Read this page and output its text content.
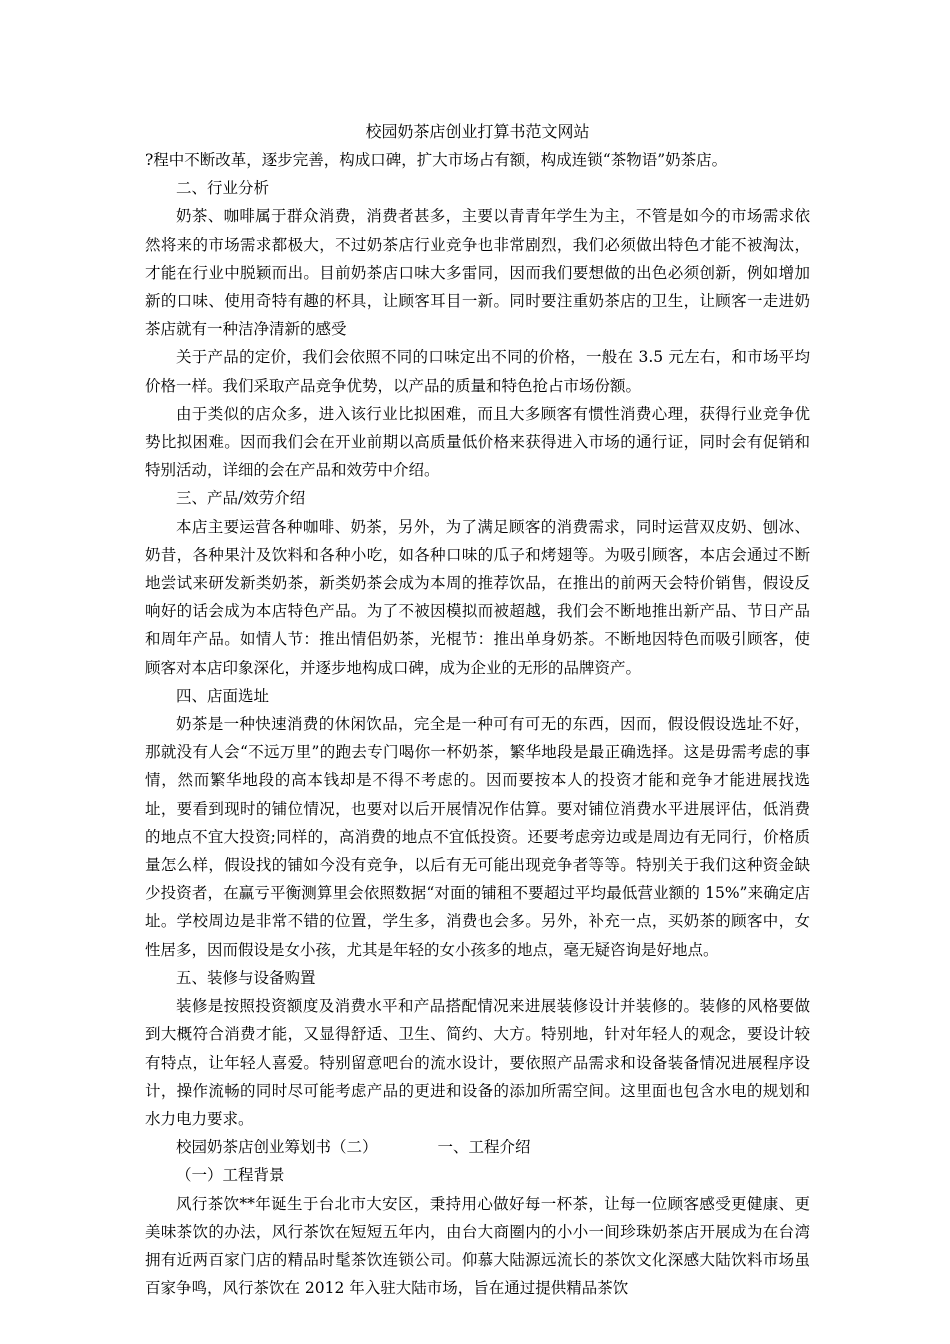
校园奶茶店创业打算书范文网站

?程中不断改革，逐步完善，构成口碑，扩大市场占有额，构成连锁“茶物语”奶茶店。

二、行业分析

奶茶、咖啡属于群众消费，消费者甚多，主要以青青年学生为主，不管是如今的市场需求依然将来的市场需求都极大，不过奶茶店行业竞争也非常剧烈，我们必须做出特色才能不被淘汰，才能在行业中脱颖而出。目前奶茶店口味大多雷同，因而我们要想做的出色必须创新，例如增加新的口味、使用奇特有趣的杯具，让顾客耳目一新。同时要注重奶茶店的卫生，让顾客一走进奶茶店就有一种洁净清新的感受

关于产品的定价，我们会依照不同的口味定出不同的价格，一般在 3.5 元左右，和市场平均价格一样。我们采取产品竞争优势，以产品的质量和特色抢占市场份额。

由于类似的店众多，进入该行业比拟困难，而且大多顾客有惯性消费心理，获得行业竞争优势比拟困难。因而我们会在开业前期以高质量低价格来获得进入市场的通行证，同时会有促销和特别活动，详细的会在产品和效劳中介绍。

三、产品/效劳介绍

本店主要运营各种咖啡、奶茶，另外，为了满足顾客的消费需求，同时运营双皮奶、刨冰、奶昔，各种果汁及饮料和各种小吃，如各种口味的瓜子和烤翅等。为吸引顾客，本店会通过不断地尝试来研发新类奶茶，新类奶茶会成为本周的推荐饮品，在推出的前两天会特价销售，假设反响好的话会成为本店特色产品。为了不被因模拟而被超越，我们会不断地推出新产品、节日产品和周年产品。如情人节：推出情侣奶茶，光棍节：推出单身奶茶。不断地因特色而吸引顾客，使顾客对本店印象深化，并逐步地构成口碑，成为企业的无形的品牌资产。

四、店面选址

奶茶是一种快速消费的休闲饮品，完全是一种可有可无的东西，因而，假设假设选址不好，那就没有人会“不远万里”的跑去专门喝你一杯奶茶，繁华地段是最正确选择。这是毋需考虑的事情，然而繁华地段的高本钱却是不得不考虑的。因而要按本人的投资才能和竞争才能进展找选址，要看到现时的铺位情况，也要对以后开展情况作估算。要对铺位消费水平进展评估，低消费的地点不宜大投资;同样的，高消费的地点不宜低投资。还要考虑旁边或是周边有无同行，价格质量怎么样，假设找的铺如今没有竞争，以后有无可能出现竞争者等等。特别关于我们这种资金缺少投资者，在赢亏平衡测算里会依照数据“对面的铺租不要超过平均最低营业额的 15%”来确定店址。学校周边是非常不错的位置，学生多，消费也会多。另外，补充一点，买奶茶的顾客中，女性居多，因而假设是女小孩，尤其是年轻的女小孩多的地点，毫无疑咨询是好地点。

五、装修与设备购置

装修是按照投资额度及消费水平和产品搭配情况来进展装修设计并装修的。装修的风格要做到大概符合消费才能，又显得舒适、卫生、简约、大方。特别地，针对年轻人的观念，要设计较有特点，让年轻人喜爱。特别留意吧台的流水设计，要依照产品需求和设备装备情况进展程序设计，操作流畅的同时尽可能考虑产品的更进和设备的添加所需空间。这里面也包含水电的规划和水力电力要求。

校园奶茶店创业筹划书（二）	一、工程介绍

（一）工程背景

风行茶饮**年诞生于台北市大安区，秉持用心做好每一杯茶，让每一位顾客感受更健康、更美味茶饮的办法，风行茶饮在短短五年内，由台大商圈内的小小一间珍珠奶茶店开展成为在台湾拥有近两百家门店的精品时髦茶饮连锁公司。仰慕大陆源远流长的茶饮文化深感大陆饮料市场虽百家争鸣，风行茶饮在 2012 年入驻大陆市场，旨在通过提供精品茶饮
